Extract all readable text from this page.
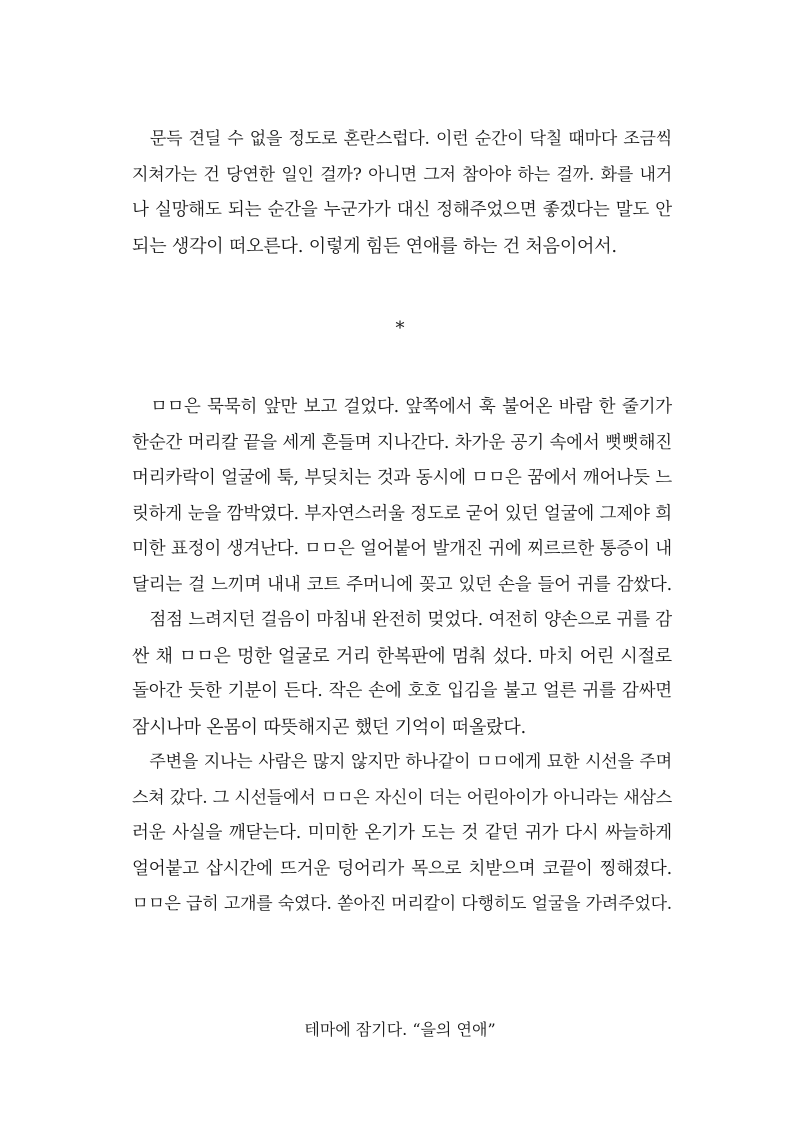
　문득 견딜 수 없을 정도로 혼란스럽다. 이런 순간이 닥칠 때마다 조금씩
지쳐가는 건 당연한 일인 걸까? 아니면 그저 참아야 하는 걸까. 화를 내거
나 실망해도 되는 순간을 누군가가 대신 정해주었으면 좋겠다는 말도 안
되는 생각이 떠오른다. 이렇게 힘든 연애를 하는 건 처음이어서.
*
　ㅁㅁ은 묵묵히 앞만 보고 걸었다. 앞쪽에서 훅 불어온 바람 한 줄기가
한순간 머리칼 끝을 세게 흔들며 지나간다. 차가운 공기 속에서 뻣뻣해진
머리카락이 얼굴에 툭, 부딪치는 것과 동시에 ㅁㅁ은 꿈에서 깨어나듯 느
릿하게 눈을 깜박였다. 부자연스러울 정도로 굳어 있던 얼굴에 그제야 희
미한 표정이 생겨난다. ㅁㅁ은 얼어붙어 발개진 귀에 찌르르한 통증이 내
달리는 걸 느끼며 내내 코트 주머니에 꽂고 있던 손을 들어 귀를 감쌌다.
　점점 느려지던 걸음이 마침내 완전히 멎었다. 여전히 양손으로 귀를 감
싼 채 ㅁㅁ은 멍한 얼굴로 거리 한복판에 멈춰 섰다. 마치 어린 시절로
돌아간 듯한 기분이 든다. 작은 손에 호호 입김을 불고 얼른 귀를 감싸면
잠시나마 온몸이 따뜻해지곤 했던 기억이 떠올랐다.
　주변을 지나는 사람은 많지 않지만 하나같이 ㅁㅁ에게 묘한 시선을 주며
스쳐 갔다. 그 시선들에서 ㅁㅁ은 자신이 더는 어린아이가 아니라는 새삼스
러운 사실을 깨닫는다. 미미한 온기가 도는 것 같던 귀가 다시 싸늘하게
얼어붙고 삽시간에 뜨거운 덩어리가 목으로 치받으며 코끝이 찡해졌다.
ㅁㅁ은 급히 고개를 숙였다. 쏟아진 머리칼이 다행히도 얼굴을 가려주었다.
테마에 잠기다. “을의 연애”
